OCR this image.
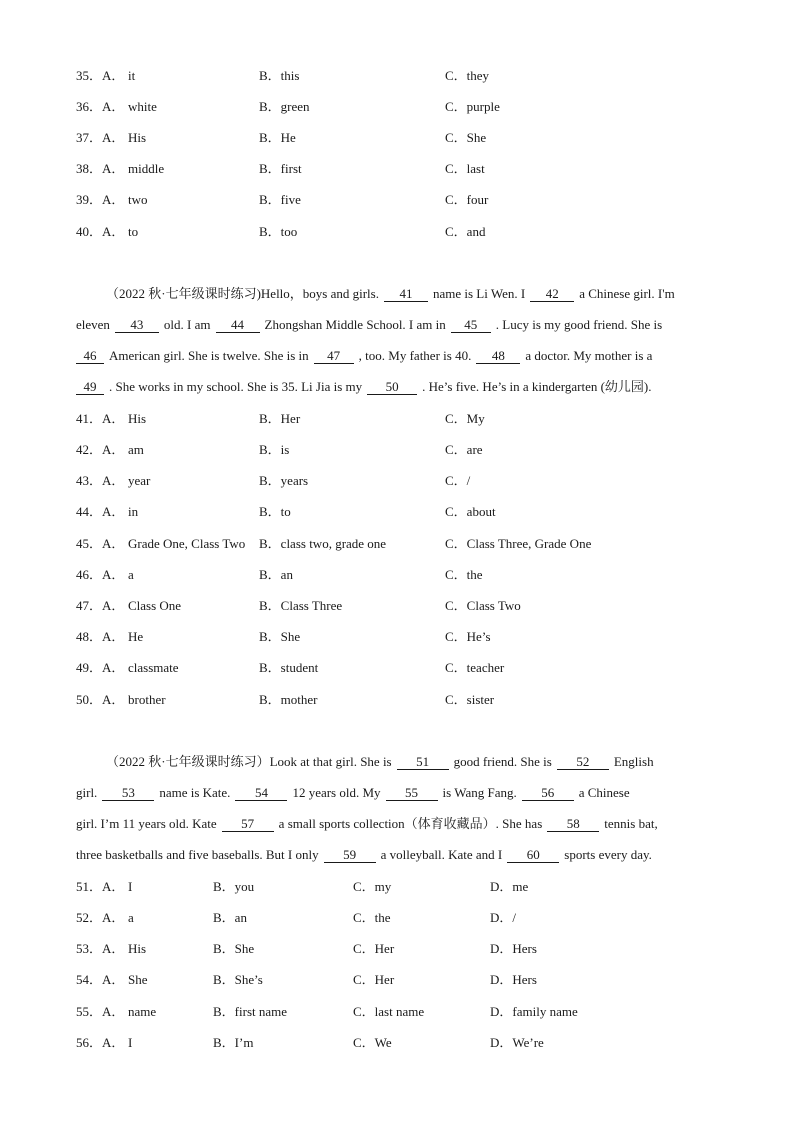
35．A． it	B．this	C．they
36．A． white	B．green	C．purple
37．A． His	B．He	C．She
38．A． middle	B．first	C．last
39．A． two	B．five	C．four
40．A． to	B．too	C．and
（2022 秋·七年级课时练习)Hello，boys and girls. 41 name is Li Wen. I 42 a Chinese girl. I'm
eleven 43 old. I am 44 Zhongshan Middle School. I am in 45 . Lucy is my good friend. She is
46 American girl. She is twelve. She is in 47 , too. My father is 40. 48 a doctor. My mother is a
49 . She works in my school. She is 35. Li Jia is my 50 . He’s five. He’s in a kindergarten (幼儿园).
41．A． His	B．Her	C．My
42．A． am	B．is	C．are
43．A． year	B．years	C．/
44．A． in	B．to	C．about
45．A． Grade One, Class Two B．class two, grade one	C．Class Three, Grade One
46．A． a	B．an	C．the
47．A． Class One	B．Class Three	C．Class Two
48．A． He	B．She	C．He’s
49．A． classmate	B．student	C．teacher
50．A． brother	B．mother	C．sister
（2022 秋·七年级课时练习）Look at that girl. She is 51 good friend. She is 52 English
girl. 53 name is Kate. 54 12 years old. My 55 is Wang Fang. 56 a Chinese
girl. I’m 11 years old. Kate 57 a small sports collection（体育收藏品）. She has 58 tennis bat,
three basketballs and five baseballs. But I only 59 a volleyball. Kate and I 60 sports every day.
51．A． I	B．you	C．my	D．me
52．A． a	B．an	C．the	D．/
53．A． His	B．She	C．Her	D．Hers
54．A． She	B．She’s	C．Her	D．Hers
55．A． name	B．first name	C．last name	D．family name
56．A． I	B．I’m	C．We	D．We’re
